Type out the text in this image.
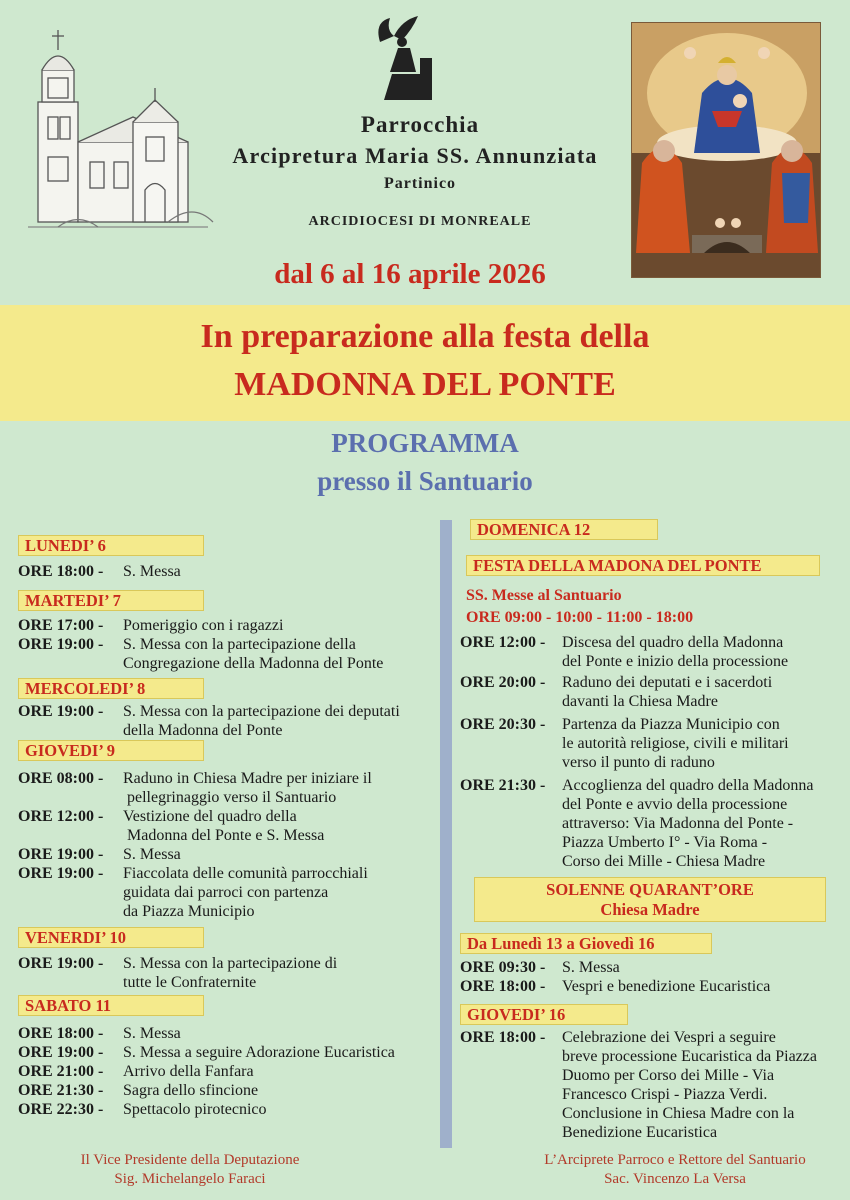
Parrocchia
Arcipretura Maria SS. Annunziata
Partinico
ARCIDIOCESI DI MONREALE
dal 6 al 16 aprile 2026
In preparazione alla festa della
MADONNA DEL PONTE
PROGRAMMA
presso il Santuario
LUNEDI’ 6
ORE 18:00 -	S. Messa
MARTEDI’ 7
ORE 17:00 -	Pomeriggio con i ragazzi
ORE 19:00 -	S. Messa con la partecipazione della
Congregazione della Madonna del Ponte
MERCOLEDI’ 8
ORE 19:00 -	S. Messa con la partecipazione dei deputati
della Madonna del Ponte
GIOVEDI’ 9
ORE 08:00 -	Raduno in Chiesa Madre per iniziare il
pellegrinaggio verso il Santuario
ORE 12:00 -	Vestizione del quadro della
Madonna del Ponte e S. Messa
ORE 19:00 -	S. Messa
ORE 19:00 -	Fiaccolata delle comunità parrocchiali
guidata dai parroci con partenza
da Piazza Municipio
VENERDI’ 10
ORE 19:00 -	S. Messa con la partecipazione di
tutte le Confraternite
SABATO 11
ORE 18:00 -	S. Messa
ORE 19:00 -	S. Messa a seguire Adorazione Eucaristica
ORE 21:00 -	Arrivo della Fanfara
ORE 21:30 -	Sagra dello sfincione
ORE 22:30 -	Spettacolo pirotecnico
DOMENICA 12
FESTA DELLA MADONA DEL PONTE
SS. Messe al Santuario
ORE 09:00 - 10:00 - 11:00 - 18:00
ORE 12:00 -	Discesa del quadro della Madonna
del Ponte e inizio della processione
ORE 20:00 -	Raduno dei deputati e i sacerdoti
davanti la Chiesa Madre
ORE 20:30 -	Partenza da Piazza Municipio con
le autorità religiose, civili e militari
verso il punto di raduno
ORE 21:30 -	Accoglienza del quadro della Madonna
del Ponte e avvio della processione
attraverso: Via Madonna del Ponte -
Piazza Umberto I° - Via Roma -
Corso dei Mille - Chiesa Madre
SOLENNE QUARANT’ORE
Chiesa Madre
Da Lunedì 13 a Giovedì 16
ORE 09:30 -	S. Messa
ORE 18:00 -	Vespri e benedizione Eucaristica
GIOVEDI’ 16
ORE 18:00 -	Celebrazione dei Vespri a seguire
breve processione Eucaristica da Piazza
Duomo per Corso dei Mille - Via
Francesco Crispi - Piazza Verdi.
Conclusione in Chiesa Madre con la
Benedizione Eucaristica
Il Vice Presidente della Deputazione
Sig. Michelangelo Faraci
L’Arciprete Parroco e Rettore del Santuario
Sac. Vincenzo La Versa
